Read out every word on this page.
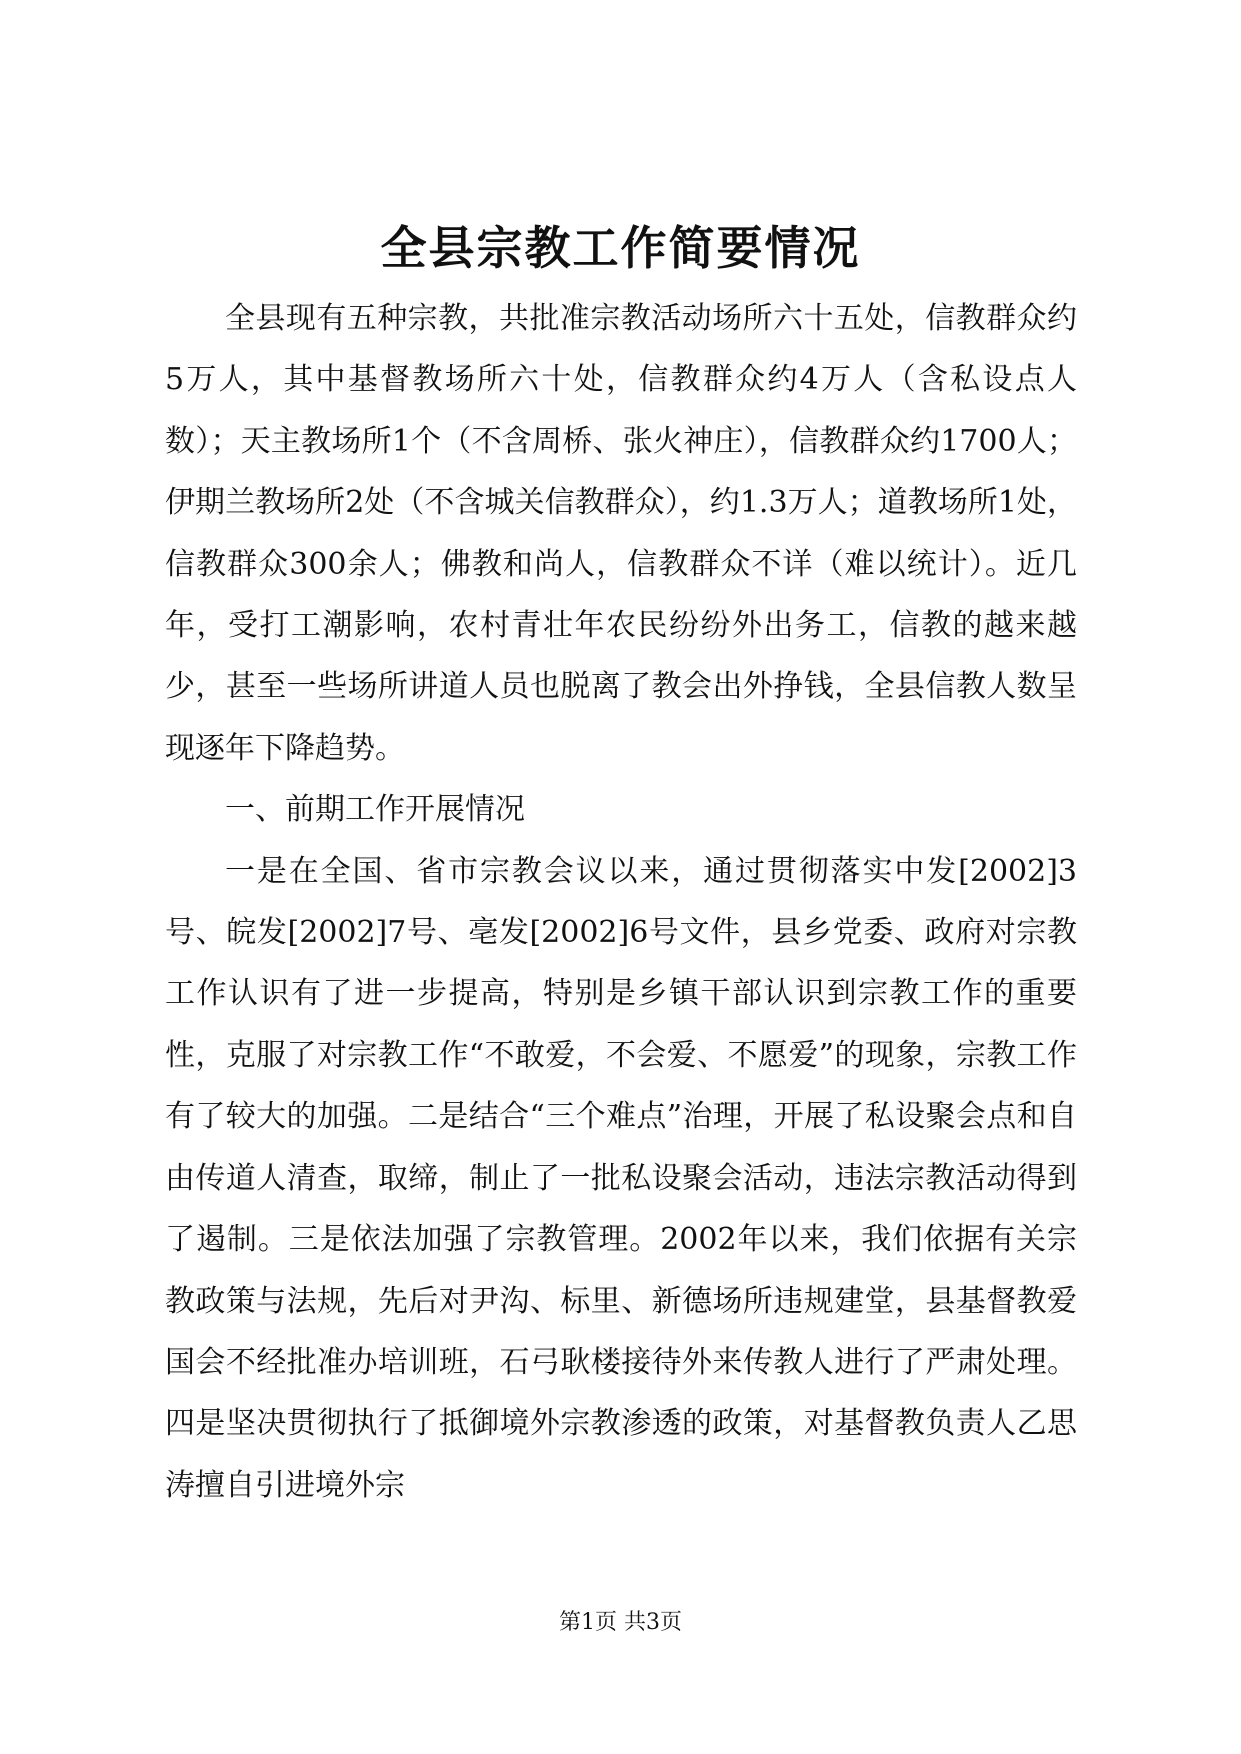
全县宗教工作简要情况

全县现有五种宗教，共批准宗教活动场所六十五处，信教群众约5万人，其中基督教场所六十处，信教群众约4万人（含私设点人数）；天主教场所1个（不含周桥、张火神庄），信教群众约1700人；伊期兰教场所2处（不含城关信教群众），约1.3万人；道教场所1处，信教群众300余人；佛教和尚人，信教群众不详（难以统计）。近几年，受打工潮影响，农村青壮年农民纷纷外出务工，信教的越来越少，甚至一些场所讲道人员也脱离了教会出外挣钱，全县信教人数呈现逐年下降趋势。

一、前期工作开展情况

一是在全国、省市宗教会议以来，通过贯彻落实中发[2002]3号、皖发[2002]7号、亳发[2002]6号文件，县乡党委、政府对宗教工作认识有了进一步提高，特别是乡镇干部认识到宗教工作的重要性，克服了对宗教工作“不敢爱，不会爱、不愿爱”的现象，宗教工作有了较大的加强。二是结合“三个难点”治理，开展了私设聚会点和自由传道人清查，取缔，制止了一批私设聚会活动，违法宗教活动得到了遏制。三是依法加强了宗教管理。2002年以来，我们依据有关宗教政策与法规，先后对尹沟、标里、新德场所违规建堂，县基督教爱国会不经批准办培训班，石弓耿楼接待外来传教人进行了严肃处理。四是坚决贯彻执行了抵御境外宗教渗透的政策，对基督教负责人乙思涛擅自引进境外宗

第1页 共3页
